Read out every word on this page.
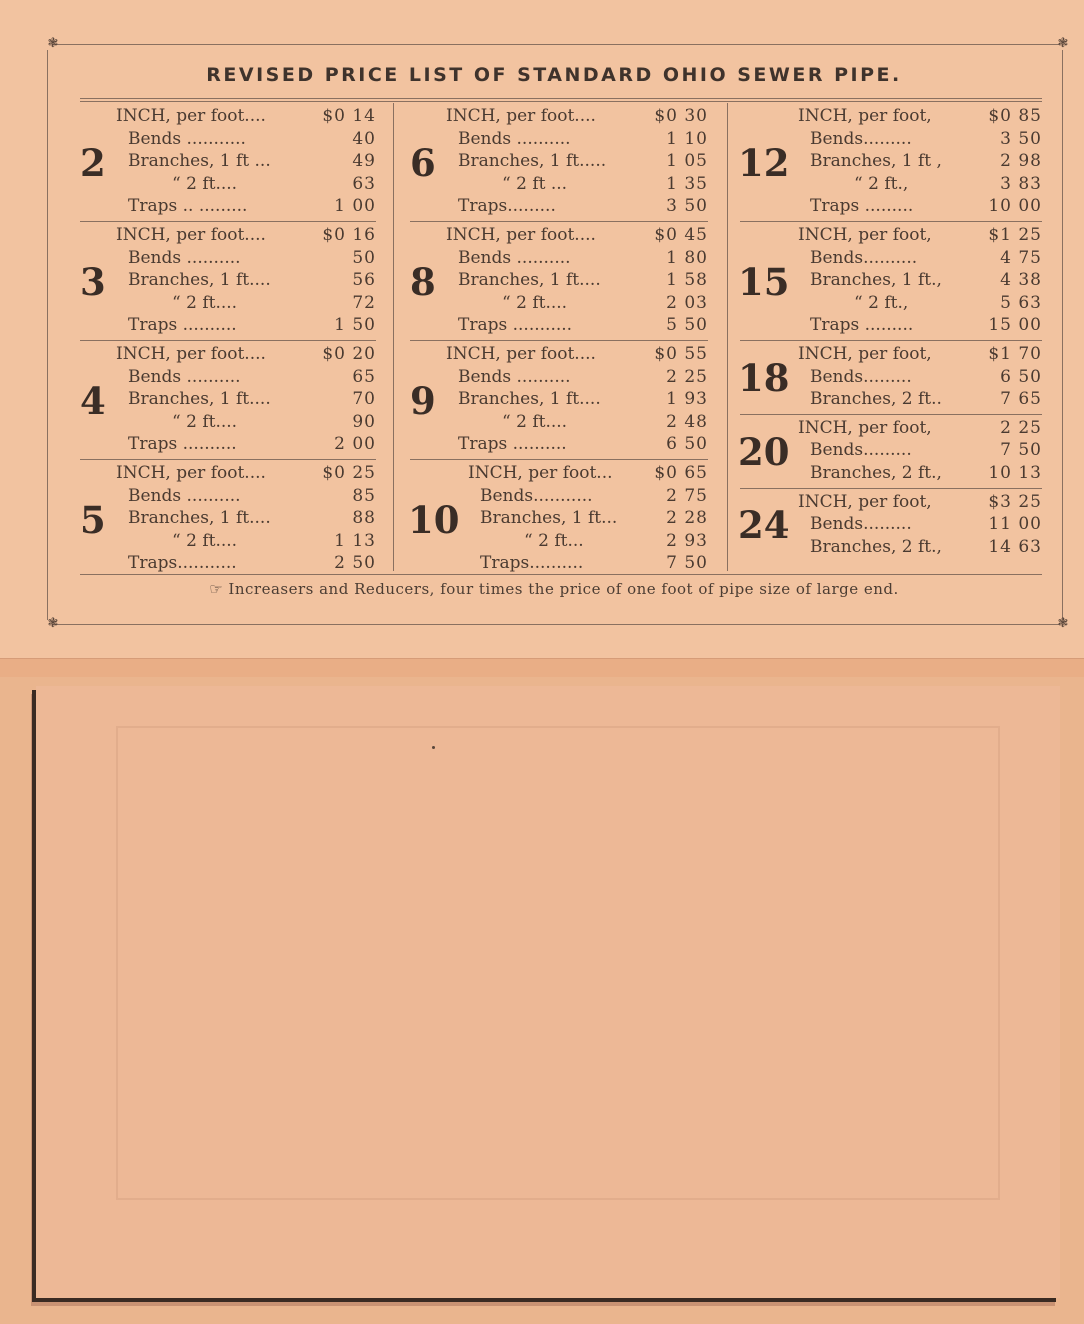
❃	❃
❃	❃
REVISED PRICE LIST OF STANDARD OHIO SEWER PIPE.
2
INCH, per foot....	$0 14
Bends ...........	40
Branches, 1 ft ...	49
“ 2 ft....	63
Traps .. .........	1 00
3
INCH, per foot....	$0 16
Bends ..........	50
Branches, 1 ft....	56
“ 2 ft....	72
Traps ..........	1 50
4
INCH, per foot....	$0 20
Bends ..........	65
Branches, 1 ft....	70
“ 2 ft....	90
Traps ..........	2 00
5
INCH, per foot....	$0 25
Bends ..........	85
Branches, 1 ft....	88
“ 2 ft....	1 13
Traps...........	2 50
6
INCH, per foot....	$0 30
Bends ..........	1 10
Branches, 1 ft.....	1 05
“ 2 ft ...	1 35
Traps.........	3 50
8
INCH, per foot....	$0 45
Bends ..........	1 80
Branches, 1 ft....	1 58
“ 2 ft....	2 03
Traps ...........	5 50
9
INCH, per foot....	$0 55
Bends ..........	2 25
Branches, 1 ft....	1 93
“ 2 ft....	2 48
Traps ..........	6 50
10
INCH, per foot... $0 65
Bends...........	2 75
Branches, 1 ft...	2 28
“ 2 ft...	2 93
Traps..........	7 50
12
INCH, per foot,	$0 85
Bends.........	3 50
Branches, 1 ft ,	2 98
“ 2 ft.,	3 83
Traps .........	10 00
15
INCH, per foot,	$1 25
Bends..........	4 75
Branches, 1 ft.,	4 38
“ 2 ft.,	5 63
Traps .........	15 00
18
INCH, per foot,	$1 70
Bends.........	6 50
Branches, 2 ft..	7 65
20
INCH, per foot,	2 25
Bends.........	7 50
Branches, 2 ft.,	10 13
24
INCH, per foot,	$3 25
Bends.........	11 00
Branches, 2 ft.,	14 63
☞ Increasers and Reducers, four times the price of one foot of pipe size of large end.
